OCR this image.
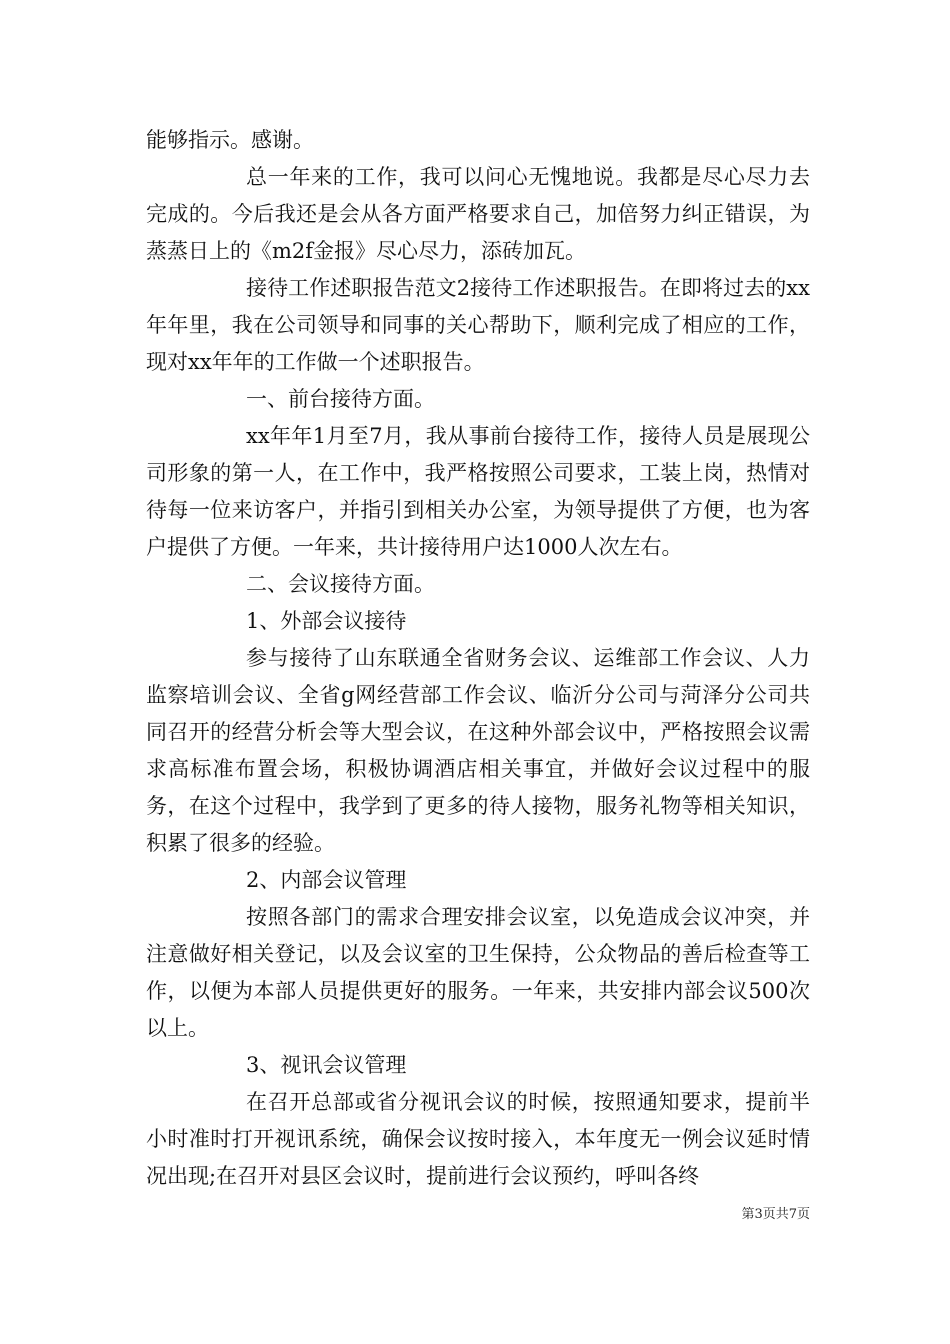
能够指示。感谢。

总一年来的工作，我可以问心无愧地说。我都是尽心尽力去完成的。今后我还是会从各方面严格要求自己，加倍努力纠正错误，为蒸蒸日上的《m2f金报》尽心尽力，添砖加瓦。

接待工作述职报告范文2接待工作述职报告。在即将过去的xx年年里，我在公司领导和同事的关心帮助下，顺利完成了相应的工作，现对xx年年的工作做一个述职报告。

一、前台接待方面。

xx年年1月至7月，我从事前台接待工作，接待人员是展现公司形象的第一人，在工作中，我严格按照公司要求，工装上岗，热情对待每一位来访客户，并指引到相关办公室，为领导提供了方便，也为客户提供了方便。一年来，共计接待用户达1000人次左右。

二、会议接待方面。

1、外部会议接待

参与接待了山东联通全省财务会议、运维部工作会议、人力监察培训会议、全省g网经营部工作会议、临沂分公司与菏泽分公司共同召开的经营分析会等大型会议，在这种外部会议中，严格按照会议需求高标准布置会场，积极协调酒店相关事宜，并做好会议过程中的服务，在这个过程中，我学到了更多的待人接物，服务礼物等相关知识，积累了很多的经验。

2、内部会议管理

按照各部门的需求合理安排会议室，以免造成会议冲突，并注意做好相关登记，以及会议室的卫生保持，公众物品的善后检查等工作，以便为本部人员提供更好的服务。一年来，共安排内部会议500次以上。

3、视讯会议管理

在召开总部或省分视讯会议的时候，按照通知要求，提前半小时准时打开视讯系统，确保会议按时接入，本年度无一例会议延时情况出现;在召开对县区会议时，提前进行会议预约，呼叫各终

第3页共7页
